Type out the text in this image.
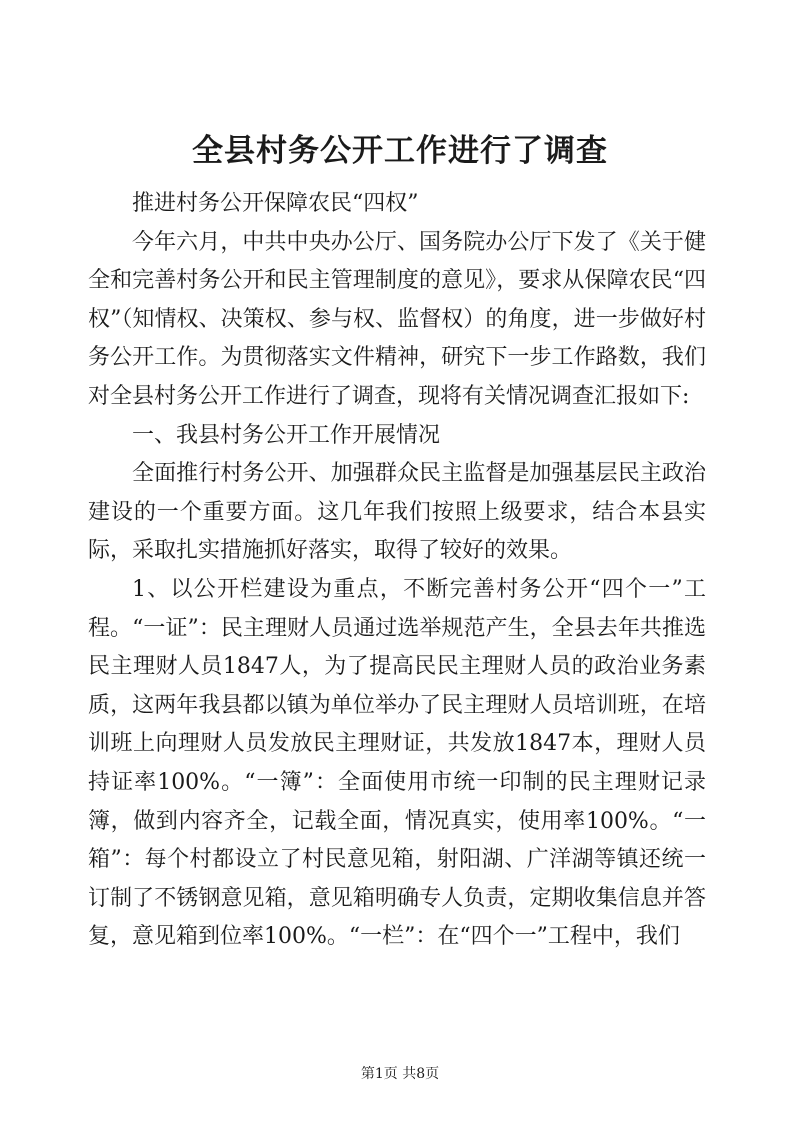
全县村务公开工作进行了调查

推进村务公开保障农民“四权”

今年六月，中共中央办公厅、国务院办公厅下发了《关于健全和完善村务公开和民主管理制度的意见》，要求从保障农民“四权”（知情权、决策权、参与权、监督权）的角度，进一步做好村务公开工作。为贯彻落实文件精神，研究下一步工作路数，我们对全县村务公开工作进行了调查，现将有关情况调查汇报如下:

一、我县村务公开工作开展情况

全面推行村务公开、加强群众民主监督是加强基层民主政治建设的一个重要方面。这几年我们按照上级要求，结合本县实际，采取扎实措施抓好落实，取得了较好的效果。

1、以公开栏建设为重点，不断完善村务公开“四个一”工程。“一证”：民主理财人员通过选举规范产生，全县去年共推选民主理财人员1847人，为了提高民民主理财人员的政治业务素质，这两年我县都以镇为单位举办了民主理财人员培训班，在培训班上向理财人员发放民主理财证，共发放1847本，理财人员持证率100%。“一簿”：全面使用市统一印制的民主理财记录簿，做到内容齐全，记载全面，情况真实，使用率100%。“一箱”：每个村都设立了村民意见箱，射阳湖、广洋湖等镇还统一订制了不锈钢意见箱，意见箱明确专人负责，定期收集信息并答复，意见箱到位率100%。“一栏”：在“四个一”工程中，我们

第1页 共8页
